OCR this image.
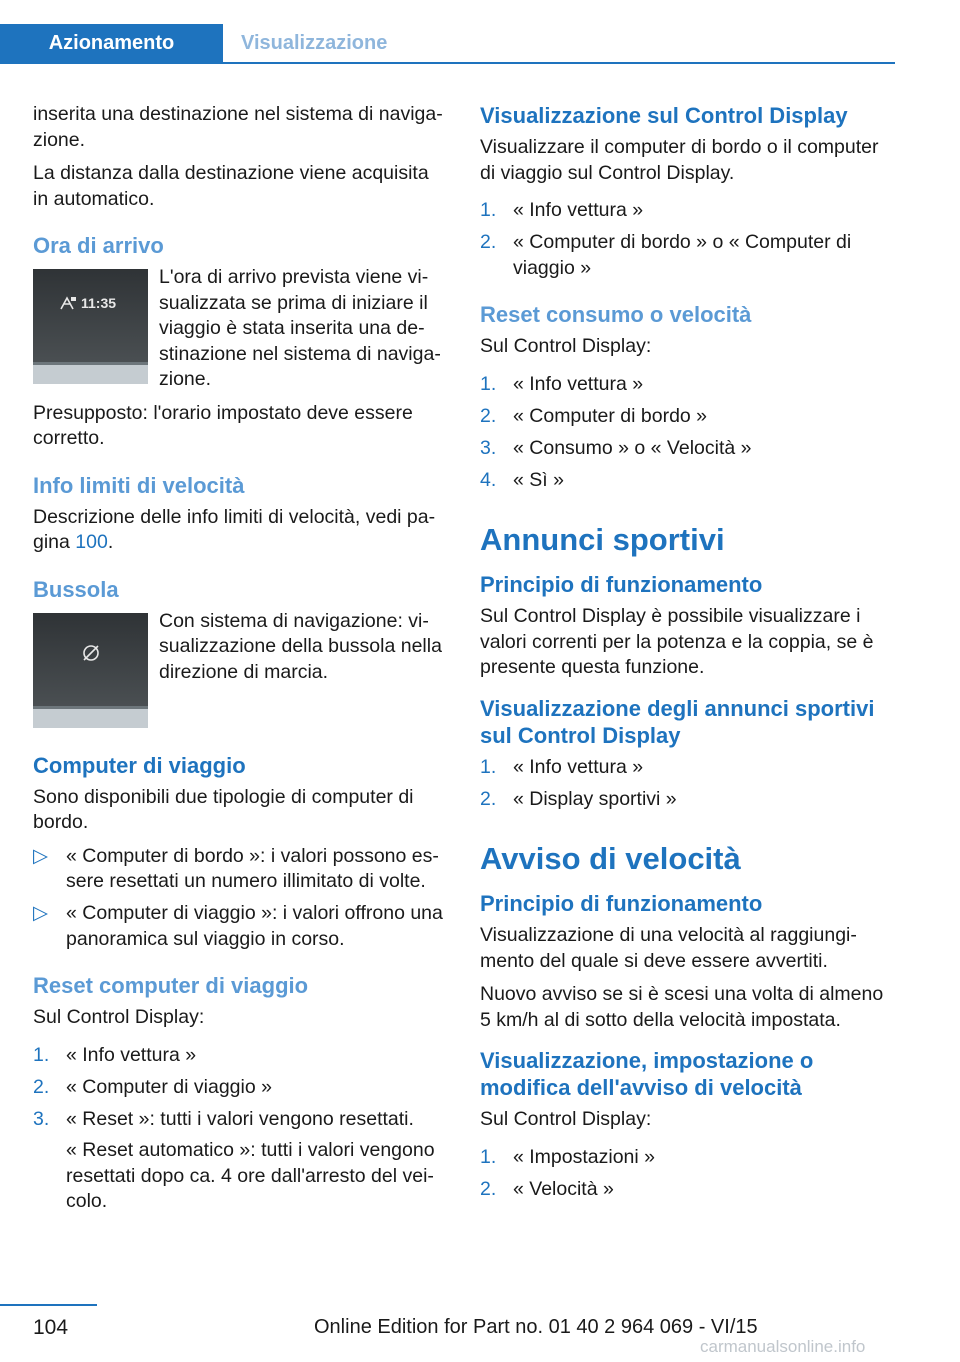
Azionamento	Visualizzazione

inserita una destinazione nel sistema di naviga-zione.

La distanza dalla destinazione viene acquisita in automatico.

Ora di arrivo
11:35

L'ora di arrivo prevista viene vi-sualizzata se prima di iniziare il viaggio è stata inserita una de-stinazione nel sistema di naviga-zione.

Presupposto: l'orario impostato deve essere corretto.

Info limiti di velocità

Descrizione delle info limiti di velocità, vedi pa-gina 100.

Bussola

Con sistema di navigazione: vi-sualizzazione della bussola nella direzione di marcia.

Computer di viaggio

Sono disponibili due tipologie di computer di bordo.

▷ « Computer di bordo »: i valori possono es-sere resettati un numero illimitato di volte.
▷ « Computer di viaggio »: i valori offrono una panoramica sul viaggio in corso.
Reset computer di viaggio

Sul Control Display:

1. « Info vettura »
2. « Computer di viaggio »
3. « Reset »: tutti i valori vengono resettati.
« Reset automatico »: tutti i valori vengono resettati dopo ca. 4 ore dall'arresto del vei-colo.
Visualizzazione sul Control Display

Visualizzare il computer di bordo o il computer di viaggio sul Control Display.

1. « Info vettura »
2. « Computer di bordo » o « Computer di viaggio »
Reset consumo o velocità

Sul Control Display:

1. « Info vettura »
2. « Computer di bordo »
3. « Consumo » o « Velocità »
4. « Sì »
Annunci sportivi
Principio di funzionamento

Sul Control Display è possibile visualizzare i valori correnti per la potenza e la coppia, se è presente questa funzione.

Visualizzazione degli annunci sportivi sul Control Display
1. « Info vettura »
2. « Display sportivi »
Avviso di velocità
Principio di funzionamento

Visualizzazione di una velocità al raggiungi-mento del quale si deve essere avvertiti.

Nuovo avviso se si è scesi una volta di almeno 5 km/h al di sotto della velocità impostata.

Visualizzazione, impostazione o modifica dell'avviso di velocità

Sul Control Display:

1. « Impostazioni »
2. « Velocità »
104	Online Edition for Part no. 01 40 2 964 069 - VI/15
carmanualsonline.info
